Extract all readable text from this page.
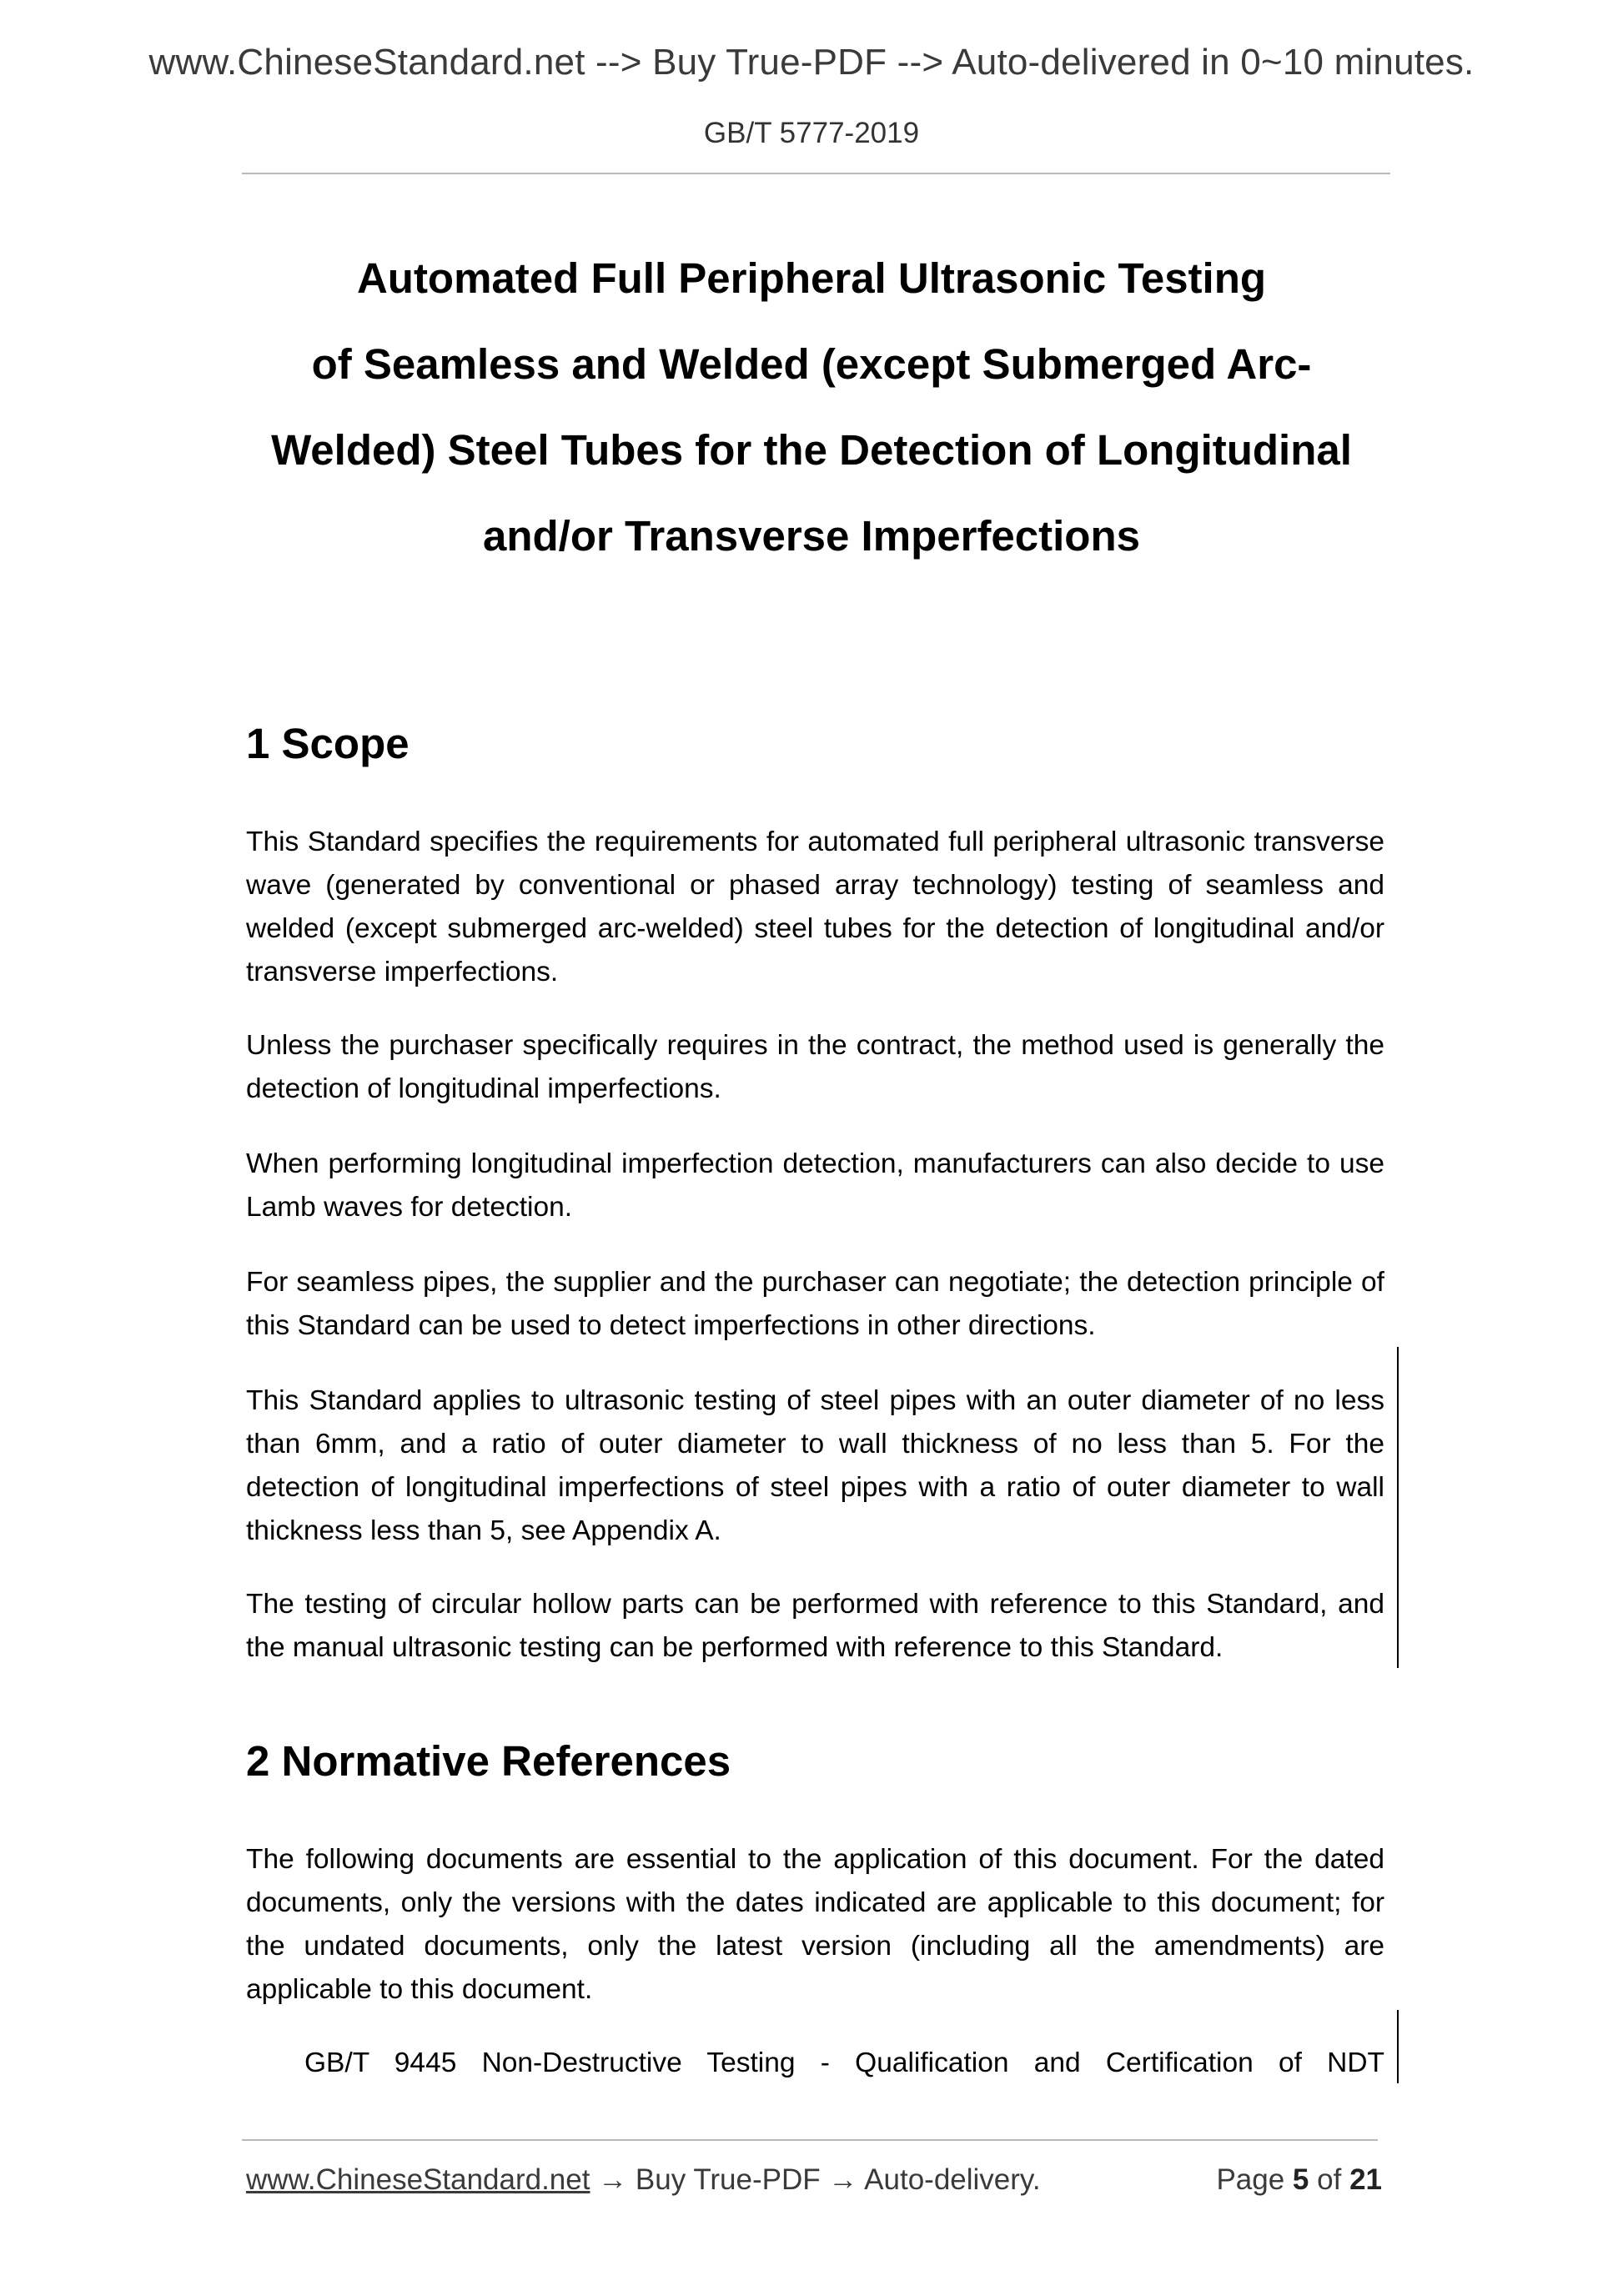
www.ChineseStandard.net --> Buy True-PDF --> Auto-delivered in 0~10 minutes.
GB/T 5777-2019
Automated Full Peripheral Ultrasonic Testing
of Seamless and Welded (except Submerged Arc-
Welded) Steel Tubes for the Detection of Longitudinal
and/or Transverse Imperfections
1 Scope
This Standard specifies the requirements for automated full peripheral ultrasonic transverse wave (generated by conventional or phased array technology) testing of seamless and welded (except submerged arc-welded) steel tubes for the detection of longitudinal and/or transverse imperfections.
Unless the purchaser specifically requires in the contract, the method used is generally the detection of longitudinal imperfections.
When performing longitudinal imperfection detection, manufacturers can also decide to use Lamb waves for detection.
For seamless pipes, the supplier and the purchaser can negotiate; the detection principle of this Standard can be used to detect imperfections in other directions.
This Standard applies to ultrasonic testing of steel pipes with an outer diameter of no less than 6mm, and a ratio of outer diameter to wall thickness of no less than 5. For the detection of longitudinal imperfections of steel pipes with a ratio of outer diameter to wall thickness less than 5, see Appendix A.
The testing of circular hollow parts can be performed with reference to this Standard, and the manual ultrasonic testing can be performed with reference to this Standard.
2 Normative References
The following documents are essential to the application of this document. For the dated documents, only the versions with the dates indicated are applicable to this document; for the undated documents, only the latest version (including all the amendments) are applicable to this document.
GB/T 9445 Non-Destructive Testing - Qualification and Certification of NDT
www.ChineseStandard.net → Buy True-PDF → Auto-delivery.	Page 5 of 21
